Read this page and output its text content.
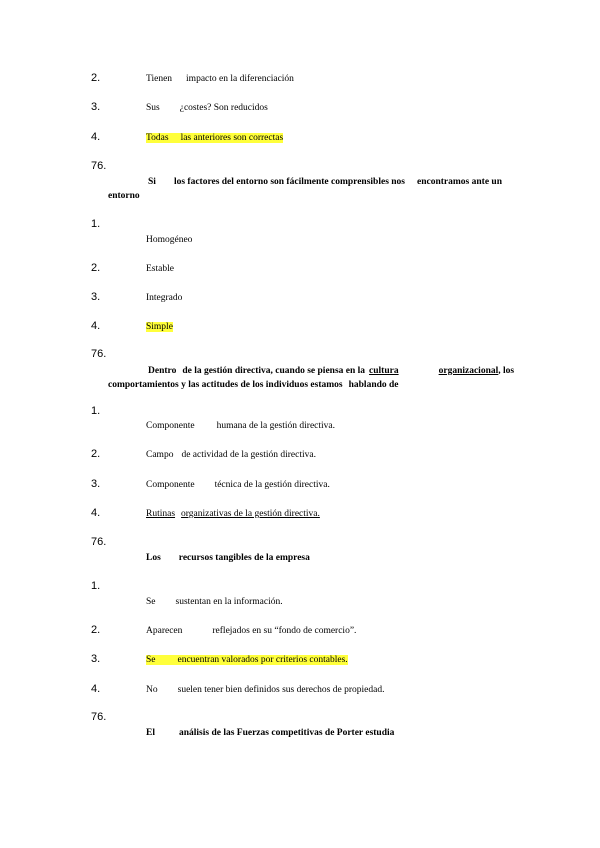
2.	Tienen impacto en la diferenciación
3.	Sus ¿costes? Son reducidos
4.	Todas las anteriores son correctas
76.
Si los factores del entorno son fácilmente comprensibles nos encontramos ante un
entorno
1.
Homogéneo
2.	Estable
3.	Integrado
4.	Simple
76.
Dentro de la gestión directiva, cuando se piensa en la cultura	organizacional, los
comportamientos y las actitudes de los individuos estamos hablando de
1.
Componente humana de la gestión directiva.
2.	Campo de actividad de la gestión directiva.
3.	Componente técnica de la gestión directiva.
4.	Rutinas organizativas de la gestión directiva.
76.
Los recursos tangibles de la empresa
1.
Se sustentan en la información.
2.	Aparecen	reflejados en su “fondo de comercio”.
3.	Se encuentran valorados por criterios contables.
4.	No suelen tener bien definidos sus derechos de propiedad.
76.
El	análisis de las Fuerzas competitivas de Porter estudia
